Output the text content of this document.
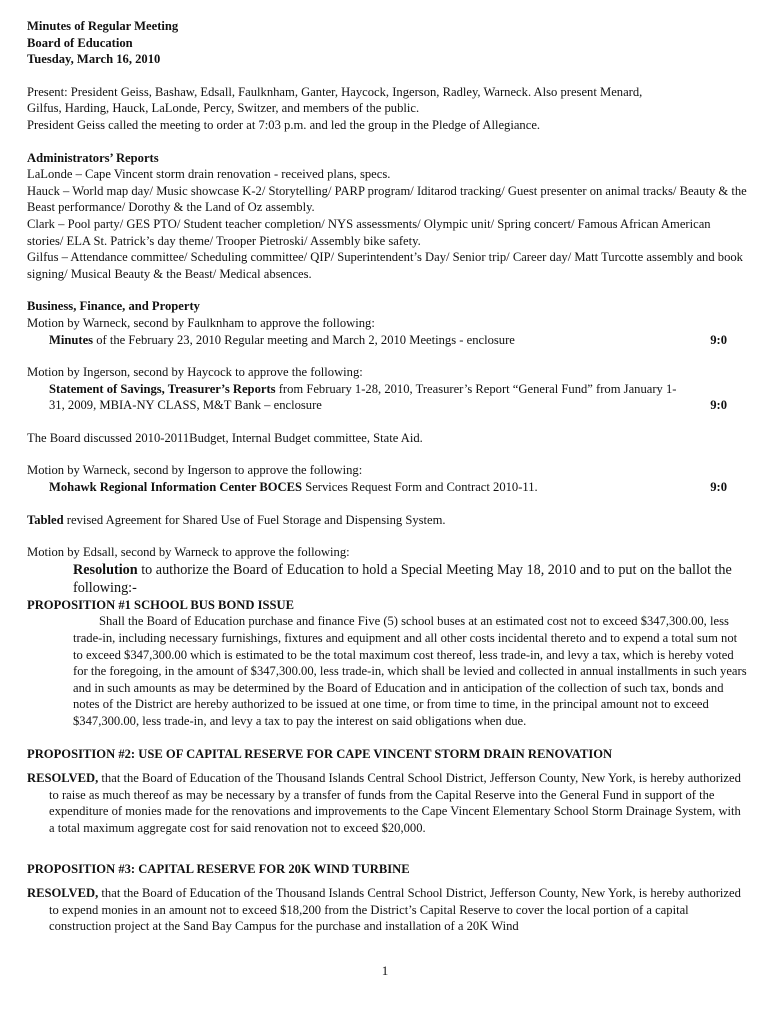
Minutes of Regular Meeting

Board of Education

Tuesday, March 16, 2010

Present: President Geiss, Bashaw, Edsall, Faulknham, Ganter, Haycock, Ingerson, Radley, Warneck. Also present Menard,

Gilfus, Harding, Hauck, LaLonde, Percy, Switzer, and members of the public.

President Geiss called the meeting to order at 7:03 p.m. and led the group in the Pledge of Allegiance.

Administrators’ Reports

LaLonde – Cape Vincent storm drain renovation - received plans, specs.

Hauck – World map day/ Music showcase K-2/ Storytelling/ PARP program/ Iditarod tracking/ Guest presenter on animal tracks/ Beauty & the Beast performance/ Dorothy & the Land of Oz assembly.

Clark – Pool party/ GES PTO/ Student teacher completion/ NYS assessments/ Olympic unit/ Spring concert/ Famous African American stories/ ELA St. Patrick’s day theme/ Trooper Pietroski/ Assembly bike safety.

Gilfus – Attendance committee/ Scheduling committee/ QIP/ Superintendent’s Day/ Senior trip/ Career day/ Matt Turcotte assembly and book signing/ Musical Beauty & the Beast/ Medical absences.

Business, Finance, and Property

Motion by Warneck, second by Faulknham to approve the following:

Minutes of the February 23, 2010 Regular meeting and March 2, 2010 Meetings - enclosure	9:0

Motion by Ingerson, second by Haycock to approve the following:

Statement of Savings, Treasurer’s Reports from February 1-28, 2010, Treasurer’s Report “General Fund” from January 1-
31, 2009, MBIA-NY CLASS, M&T Bank – enclosure	9:0

The Board discussed 2010-2011Budget, Internal Budget committee, State Aid.

Motion by Warneck, second by Ingerson to approve the following:

Mohawk Regional Information Center BOCES Services Request Form and Contract 2010-11.	9:0

Tabled revised Agreement for Shared Use of Fuel Storage and Dispensing System.

Motion by Edsall, second by Warneck to approve the following:

Resolution to authorize the Board of Education to hold a Special Meeting May 18, 2010 and to put on the ballot the following:-

PROPOSITION #1 SCHOOL BUS BOND ISSUE

Shall the Board of Education purchase and finance Five (5) school buses at an estimated cost not to exceed $347,300.00, less trade-in, including necessary furnishings, fixtures and equipment and all other costs incidental thereto and to expend a total sum not to exceed $347,300.00 which is estimated to be the total maximum cost thereof, less trade-in, and levy a tax, which is hereby voted for the foregoing, in the amount of $347,300.00, less trade-in, which shall be levied and collected in annual installments in such years and in such amounts as may be determined by the Board of Education and in anticipation of the collection of such tax, bonds and notes of the District are hereby authorized to be issued at one time, or from time to time, in the principal amount not to exceed $347,300.00, less trade-in, and levy a tax to pay the interest on said obligations when due.

PROPOSITION #2: USE OF CAPITAL RESERVE FOR CAPE VINCENT STORM DRAIN RENOVATION

RESOLVED, that the Board of Education of the Thousand Islands Central School District, Jefferson County, New York, is hereby authorized to raise as much thereof as may be necessary by a transfer of funds from the Capital Reserve into the General Fund in support of the expenditure of monies made for the renovations and improvements to the Cape Vincent Elementary School Storm Drainage System, with a total maximum aggregate cost for said renovation not to exceed $20,000.

PROPOSITION #3: CAPITAL RESERVE FOR 20K WIND TURBINE

RESOLVED, that the Board of Education of the Thousand Islands Central School District, Jefferson County, New York, is hereby authorized to expend monies in an amount not to exceed $18,200 from the District’s Capital Reserve to cover the local portion of a capital construction project at the Sand Bay Campus for the purchase and installation of a 20K Wind

1
